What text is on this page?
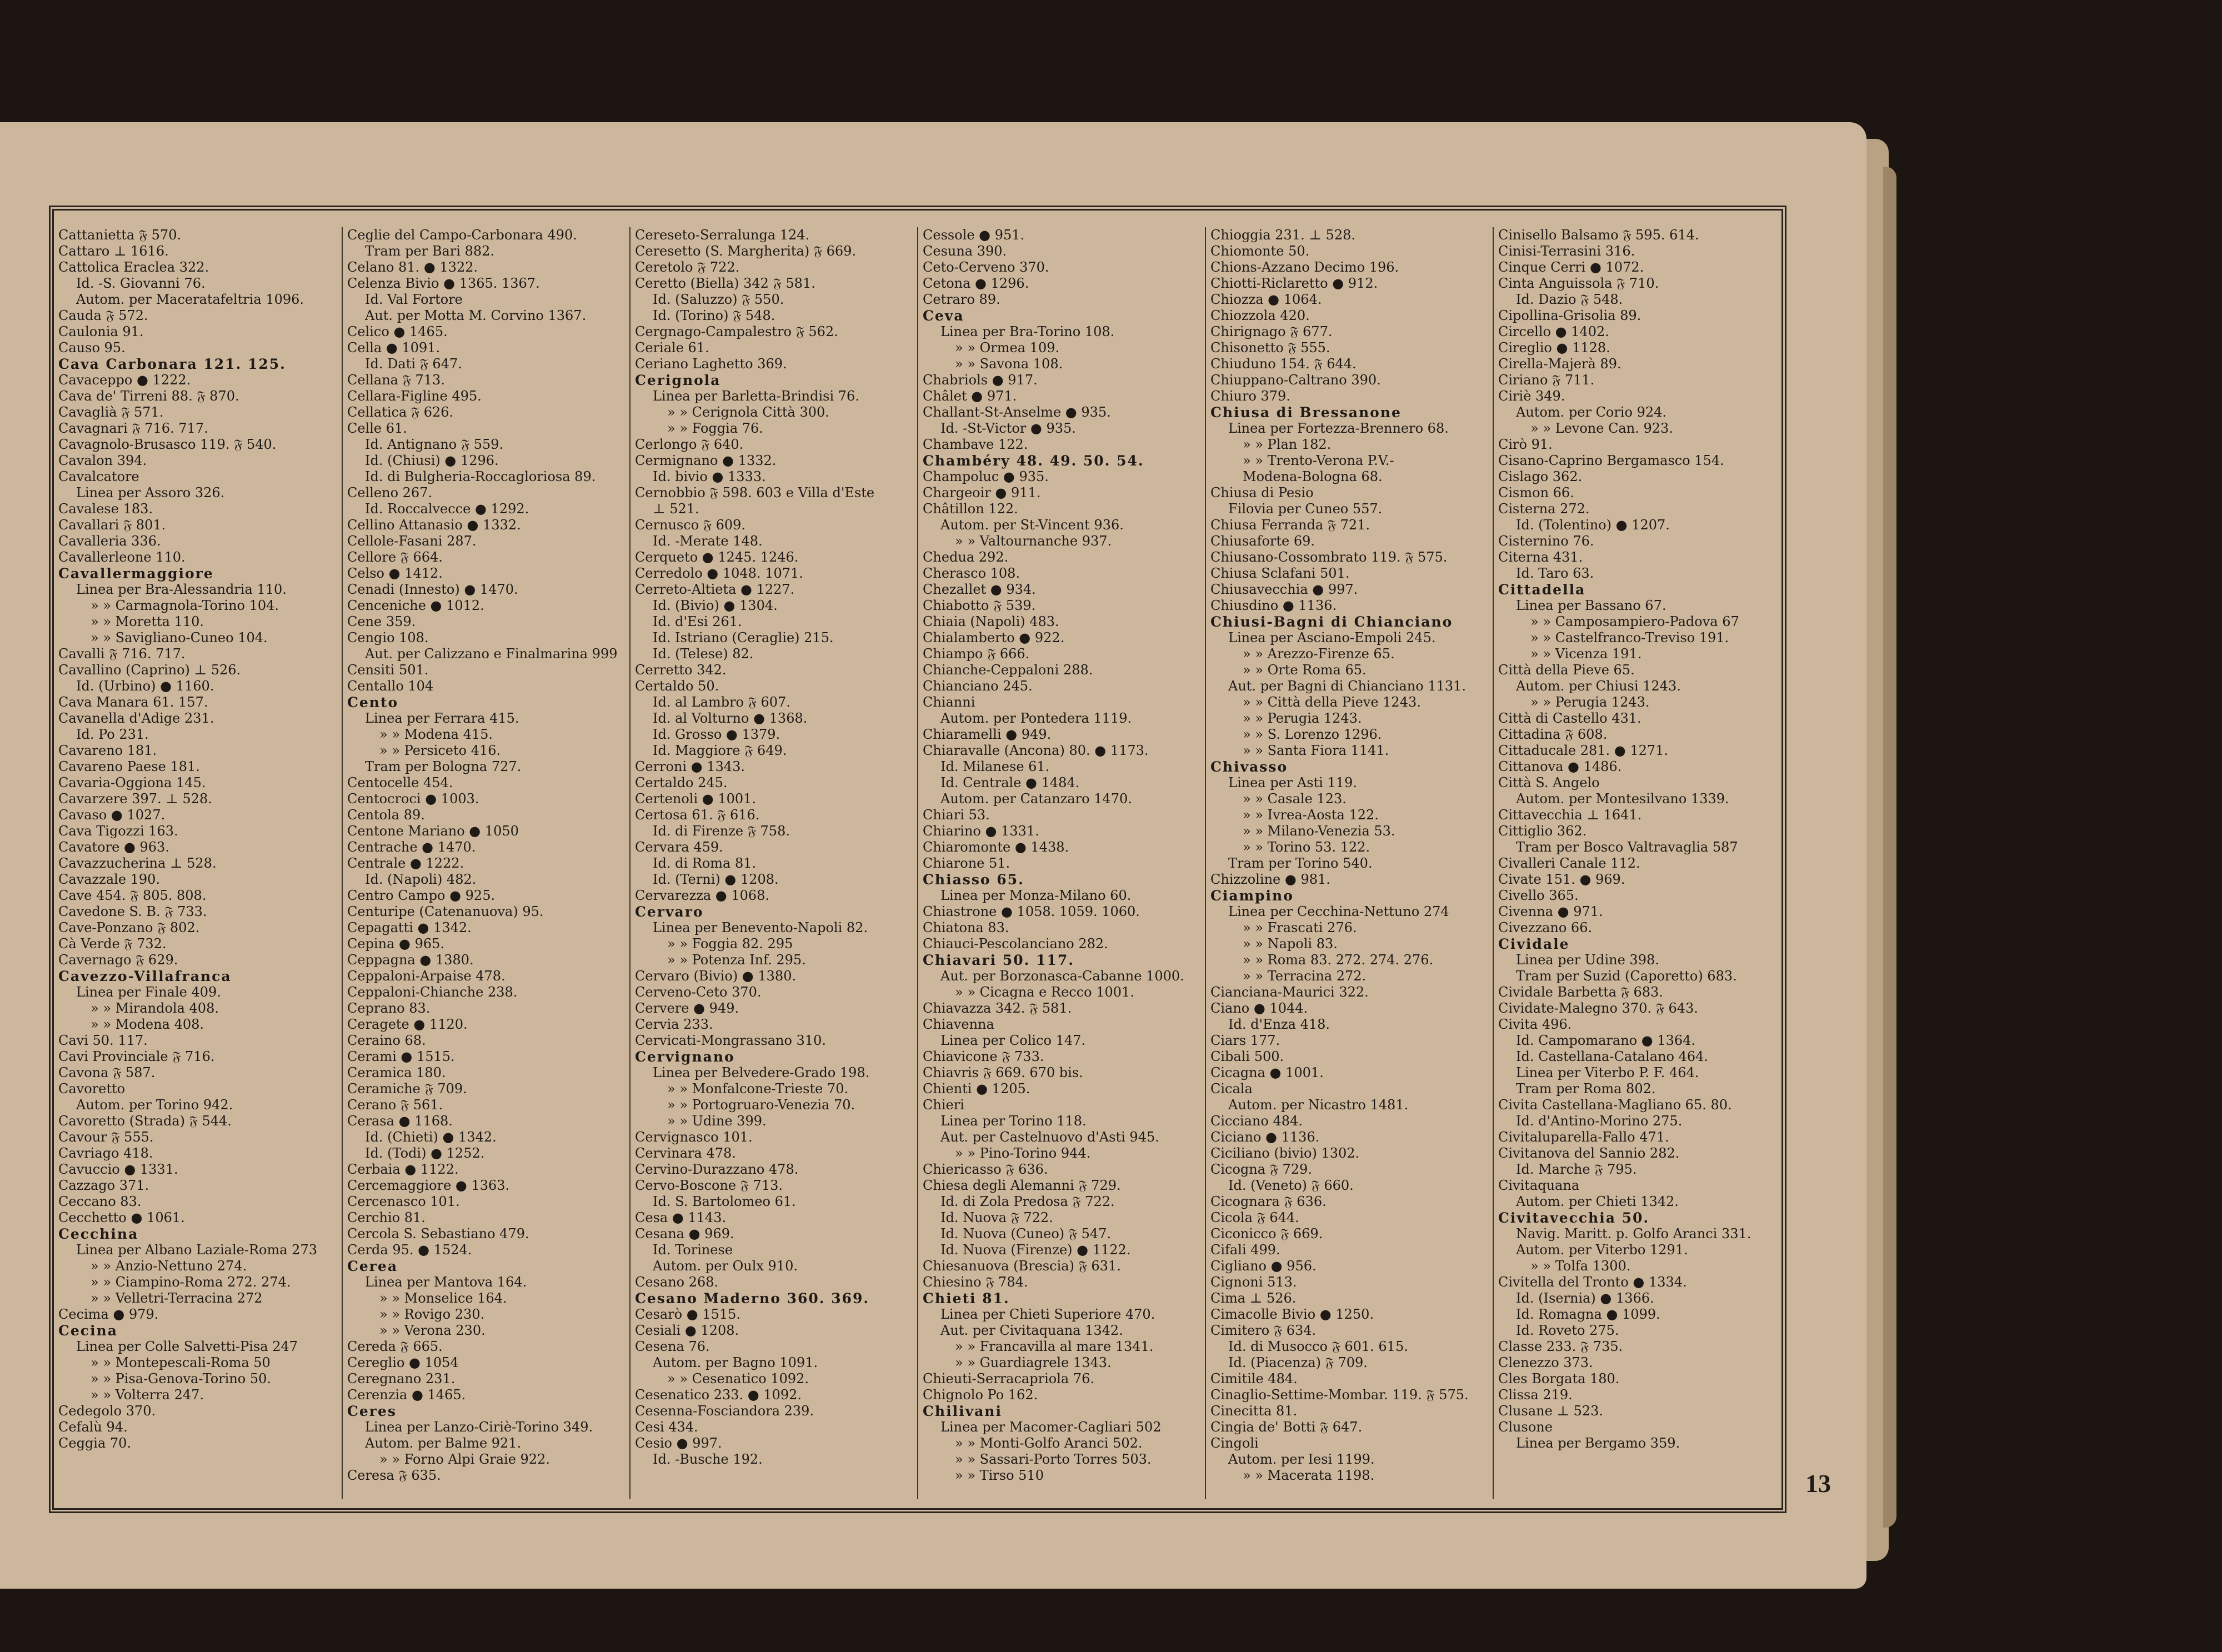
Cattanietta 𝔉 570.
Cattaro ⊥ 1616.
Cattolica Eraclea 322.
Id. -S. Giovanni 76.
Autom. per Maceratafeltria 1096.
Cauda 𝔉 572.
Caulonia 91.
Causo 95.
Cava Carbonara 121. 125.
Cavaceppo ● 1222.
Cava de' Tirreni 88. 𝔉 870.
Cavaglià 𝔉 571.
Cavagnari 𝔉 716. 717.
Cavagnolo-Brusasco 119. 𝔉 540.
Cavalon 394.
Cavalcatore
Linea per Assoro 326.
Cavalese 183.
Cavallari 𝔉 801.
Cavalleria 336.
Cavallerleone 110.
Cavallermaggiore
Linea per Bra-Alessandria 110.
» » Carmagnola-Torino 104.
» » Moretta 110.
» » Savigliano-Cuneo 104.
Cavalli 𝔉 716. 717.
Cavallino (Caprino) ⊥ 526.
Id. (Urbino) ● 1160.
Cava Manara 61. 157.
Cavanella d'Adige 231.
Id. Po 231.
Cavareno 181.
Cavareno Paese 181.
Cavaria-Oggiona 145.
Cavarzere 397. ⊥ 528.
Cavaso ● 1027.
Cava Tigozzi 163.
Cavatore ● 963.
Cavazzucherina ⊥ 528.
Cavazzale 190.
Cave 454. 𝔉 805. 808.
Cavedone S. B. 𝔉 733.
Cave-Ponzano 𝔉 802.
Cà Verde 𝔉 732.
Cavernago 𝔉 629.
Cavezzo-Villafranca
Linea per Finale 409.
» » Mirandola 408.
» » Modena 408.
Cavi 50. 117.
Cavi Provinciale 𝔉 716.
Cavona 𝔉 587.
Cavoretto
Autom. per Torino 942.
Cavoretto (Strada) 𝔉 544.
Cavour 𝔉 555.
Cavriago 418.
Cavuccio ● 1331.
Cazzago 371.
Ceccano 83.
Cecchetto ● 1061.
Cecchina
Linea per Albano Laziale-Roma 273
» » Anzio-Nettuno 274.
» » Ciampino-Roma 272. 274.
» » Velletri-Terracina 272
Cecima ● 979.
Cecina
Linea per Colle Salvetti-Pisa 247
» » Montepescali-Roma 50
» » Pisa-Genova-Torino 50.
» » Volterra 247.
Cedegolo 370.
Cefalù 94.
Ceggia 70.
Ceglie del Campo-Carbonara 490.
Tram per Bari 882.
Celano 81. ● 1322.
Celenza Bivio ● 1365. 1367.
Id. Val Fortore
Aut. per Motta M. Corvino 1367.
Celico ● 1465.
Cella ● 1091.
Id. Dati 𝔉 647.
Cellana 𝔉 713.
Cellara-Figline 495.
Cellatica 𝔉 626.
Celle 61.
Id. Antignano 𝔉 559.
Id. (Chiusi) ● 1296.
Id. di Bulgheria-Roccagloriosa 89.
Celleno 267.
Id. Roccalvecce ● 1292.
Cellino Attanasio ● 1332.
Cellole-Fasani 287.
Cellore 𝔉 664.
Celso ● 1412.
Cenadi (Innesto) ● 1470.
Cenceniche ● 1012.
Cene 359.
Cengio 108.
Aut. per Calizzano e Finalmarina 999
Censiti 501.
Centallo 104
Cento
Linea per Ferrara 415.
» » Modena 415.
» » Persiceto 416.
Tram per Bologna 727.
Centocelle 454.
Centocroci ● 1003.
Centola 89.
Centone Mariano ● 1050
Centrache ● 1470.
Centrale ● 1222.
Id. (Napoli) 482.
Centro Campo ● 925.
Centuripe (Catenanuova) 95.
Cepagatti ● 1342.
Cepina ● 965.
Ceppagna ● 1380.
Ceppaloni-Arpaise 478.
Ceppaloni-Chianche 238.
Ceprano 83.
Ceragete ● 1120.
Ceraino 68.
Cerami ● 1515.
Ceramica 180.
Ceramiche 𝔉 709.
Cerano 𝔉 561.
Cerasa ● 1168.
Id. (Chieti) ● 1342.
Id. (Todi) ● 1252.
Cerbaia ● 1122.
Cercemaggiore ● 1363.
Cercenasco 101.
Cerchio 81.
Cercola S. Sebastiano 479.
Cerda 95. ● 1524.
Cerea
Linea per Mantova 164.
» » Monselice 164.
» » Rovigo 230.
» » Verona 230.
Cereda 𝔉 665.
Cereglio ● 1054
Ceregnano 231.
Cerenzia ● 1465.
Ceres
Linea per Lanzo-Ciriè-Torino 349.
Autom. per Balme 921.
» » Forno Alpi Graie 922.
Ceresa 𝔉 635.
Cereseto-Serralunga 124.
Ceresetto (S. Margherita) 𝔉 669.
Ceretolo 𝔉 722.
Ceretto (Biella) 342 𝔉 581.
Id. (Saluzzo) 𝔉 550.
Id. (Torino) 𝔉 548.
Cergnago-Campalestro 𝔉 562.
Ceriale 61.
Ceriano Laghetto 369.
Cerignola
Linea per Barletta-Brindisi 76.
» » Cerignola Città 300.
» » Foggia 76.
Cerlongo 𝔉 640.
Cermignano ● 1332.
Id. bivio ● 1333.
Cernobbio 𝔉 598. 603 e Villa d'Este
⊥ 521.
Cernusco 𝔉 609.
Id. -Merate 148.
Cerqueto ● 1245. 1246.
Cerredolo ● 1048. 1071.
Cerreto-Altieta ● 1227.
Id. (Bivio) ● 1304.
Id. d'Esi 261.
Id. Istriano (Ceraglie) 215.
Id. (Telese) 82.
Cerretto 342.
Certaldo 50.
Id. al Lambro 𝔉 607.
Id. al Volturno ● 1368.
Id. Grosso ● 1379.
Id. Maggiore 𝔉 649.
Cerroni ● 1343.
Certaldo 245.
Certenoli ● 1001.
Certosa 61. 𝔉 616.
Id. di Firenze 𝔉 758.
Cervara 459.
Id. di Roma 81.
Id. (Terni) ● 1208.
Cervarezza ● 1068.
Cervaro
Linea per Benevento-Napoli 82.
» » Foggia 82. 295
» » Potenza Inf. 295.
Cervaro (Bivio) ● 1380.
Cerveno-Ceto 370.
Cervere ● 949.
Cervia 233.
Cervicati-Mongrassano 310.
Cervignano
Linea per Belvedere-Grado 198.
» » Monfalcone-Trieste 70.
» » Portogruaro-Venezia 70.
» » Udine 399.
Cervignasco 101.
Cervinara 478.
Cervino-Durazzano 478.
Cervo-Boscone 𝔉 713.
Id. S. Bartolomeo 61.
Cesa ● 1143.
Cesana ● 969.
Id. Torinese
Autom. per Oulx 910.
Cesano 268.
Cesano Maderno 360. 369.
Cesarò ● 1515.
Cesiali ● 1208.
Cesena 76.
Autom. per Bagno 1091.
» » Cesenatico 1092.
Cesenatico 233. ● 1092.
Cesenna-Fosciandora 239.
Cesi 434.
Cesio ● 997.
Id. -Busche 192.
Cessole ● 951.
Cesuna 390.
Ceto-Cerveno 370.
Cetona ● 1296.
Cetraro 89.
Ceva
Linea per Bra-Torino 108.
» » Ormea 109.
» » Savona 108.
Chabriols ● 917.
Châlet ● 971.
Challant-St-Anselme ● 935.
Id. -St-Victor ● 935.
Chambave 122.
Chambéry 48. 49. 50. 54.
Champoluc ● 935.
Chargeoir ● 911.
Châtillon 122.
Autom. per St-Vincent 936.
» » Valtournanche 937.
Chedua 292.
Cherasco 108.
Chezallet ● 934.
Chiabotto 𝔉 539.
Chiaia (Napoli) 483.
Chialamberto ● 922.
Chiampo 𝔉 666.
Chianche-Ceppaloni 288.
Chianciano 245.
Chianni
Autom. per Pontedera 1119.
Chiaramelli ● 949.
Chiaravalle (Ancona) 80. ● 1173.
Id. Milanese 61.
Id. Centrale ● 1484.
Autom. per Catanzaro 1470.
Chiari 53.
Chiarino ● 1331.
Chiaromonte ● 1438.
Chiarone 51.
Chiasso 65.
Linea per Monza-Milano 60.
Chiastrone ● 1058. 1059. 1060.
Chiatona 83.
Chiauci-Pescolanciano 282.
Chiavari 50. 117.
Aut. per Borzonasca-Cabanne 1000.
» » Cicagna e Recco 1001.
Chiavazza 342. 𝔉 581.
Chiavenna
Linea per Colico 147.
Chiavicone 𝔉 733.
Chiavris 𝔉 669. 670 bis.
Chienti ● 1205.
Chieri
Linea per Torino 118.
Aut. per Castelnuovo d'Asti 945.
» » Pino-Torino 944.
Chiericasso 𝔉 636.
Chiesa degli Alemanni 𝔉 729.
Id. di Zola Predosa 𝔉 722.
Id. Nuova 𝔉 722.
Id. Nuova (Cuneo) 𝔉 547.
Id. Nuova (Firenze) ● 1122.
Chiesanuova (Brescia) 𝔉 631.
Chiesino 𝔉 784.
Chieti 81.
Linea per Chieti Superiore 470.
Aut. per Civitaquana 1342.
» » Francavilla al mare 1341.
» » Guardiagrele 1343.
Chieuti-Serracapriola 76.
Chignolo Po 162.
Chilivani
Linea per Macomer-Cagliari 502
» » Monti-Golfo Aranci 502.
» » Sassari-Porto Torres 503.
» » Tirso 510
Chioggia 231. ⊥ 528.
Chiomonte 50.
Chions-Azzano Decimo 196.
Chiotti-Riclaretto ● 912.
Chiozza ● 1064.
Chiozzola 420.
Chirignago 𝔉 677.
Chisonetto 𝔉 555.
Chiuduno 154. 𝔉 644.
Chiuppano-Caltrano 390.
Chiuro 379.
Chiusa di Bressanone
Linea per Fortezza-Brennero 68.
» » Plan 182.
» » Trento-Verona P.V.-
Modena-Bologna 68.
Chiusa di Pesio
Filovia per Cuneo 557.
Chiusa Ferranda 𝔉 721.
Chiusaforte 69.
Chiusano-Cossombrato 119. 𝔉 575.
Chiusa Sclafani 501.
Chiusavecchia ● 997.
Chiusdino ● 1136.
Chiusi-Bagni di Chianciano
Linea per Asciano-Empoli 245.
» » Arezzo-Firenze 65.
» » Orte Roma 65.
Aut. per Bagni di Chianciano 1131.
» » Città della Pieve 1243.
» » Perugia 1243.
» » S. Lorenzo 1296.
» » Santa Fiora 1141.
Chivasso
Linea per Asti 119.
» » Casale 123.
» » Ivrea-Aosta 122.
» » Milano-Venezia 53.
» » Torino 53. 122.
Tram per Torino 540.
Chizzoline ● 981.
Ciampino
Linea per Cecchina-Nettuno 274
» » Frascati 276.
» » Napoli 83.
» » Roma 83. 272. 274. 276.
» » Terracina 272.
Cianciana-Maurici 322.
Ciano ● 1044.
Id. d'Enza 418.
Ciars 177.
Cibali 500.
Cicagna ● 1001.
Cicala
Autom. per Nicastro 1481.
Cicciano 484.
Ciciano ● 1136.
Ciciliano (bivio) 1302.
Cicogna 𝔉 729.
Id. (Veneto) 𝔉 660.
Cicognara 𝔉 636.
Cicola 𝔉 644.
Ciconicco 𝔉 669.
Cifali 499.
Cigliano ● 956.
Cignoni 513.
Cima ⊥ 526.
Cimacolle Bivio ● 1250.
Cimitero 𝔉 634.
Id. di Musocco 𝔉 601. 615.
Id. (Piacenza) 𝔉 709.
Cimitile 484.
Cinaglio-Settime-Mombar. 119. 𝔉 575.
Cinecitta 81.
Cingia de' Botti 𝔉 647.
Cingoli
Autom. per Iesi 1199.
» » Macerata 1198.
Cinisello Balsamo 𝔉 595. 614.
Cinisi-Terrasini 316.
Cinque Cerri ● 1072.
Cinta Anguissola 𝔉 710.
Id. Dazio 𝔉 548.
Cipollina-Grisolia 89.
Circello ● 1402.
Cireglio ● 1128.
Cirella-Majerà 89.
Ciriano 𝔉 711.
Ciriè 349.
Autom. per Corio 924.
» » Levone Can. 923.
Cirò 91.
Cisano-Caprino Bergamasco 154.
Cislago 362.
Cismon 66.
Cisterna 272.
Id. (Tolentino) ● 1207.
Cisternino 76.
Citerna 431.
Id. Taro 63.
Cittadella
Linea per Bassano 67.
» » Camposampiero-Padova 67
» » Castelfranco-Treviso 191.
» » Vicenza 191.
Città della Pieve 65.
Autom. per Chiusi 1243.
» » Perugia 1243.
Città di Castello 431.
Cittadina 𝔉 608.
Cittaducale 281. ● 1271.
Cittanova ● 1486.
Città S. Angelo
Autom. per Montesilvano 1339.
Cittavecchia ⊥ 1641.
Cittiglio 362.
Tram per Bosco Valtravaglia 587
Civalleri Canale 112.
Civate 151. ● 969.
Civello 365.
Civenna ● 971.
Civezzano 66.
Cividale
Linea per Udine 398.
Tram per Suzid (Caporetto) 683.
Cividale Barbetta 𝔉 683.
Cividate-Malegno 370. 𝔉 643.
Civita 496.
Id. Campomarano ● 1364.
Id. Castellana-Catalano 464.
Linea per Viterbo P. F. 464.
Tram per Roma 802.
Civita Castellana-Magliano 65. 80.
Id. d'Antino-Morino 275.
Civitaluparella-Fallo 471.
Civitanova del Sannio 282.
Id. Marche 𝔉 795.
Civitaquana
Autom. per Chieti 1342.
Civitavecchia 50.
Navig. Maritt. p. Golfo Aranci 331.
Autom. per Viterbo 1291.
» » Tolfa 1300.
Civitella del Tronto ● 1334.
Id. (Isernia) ● 1366.
Id. Romagna ● 1099.
Id. Roveto 275.
Classe 233. 𝔉 735.
Clenezzo 373.
Cles Borgata 180.
Clissa 219.
Clusane ⊥ 523.
Clusone
Linea per Bergamo 359.
13
